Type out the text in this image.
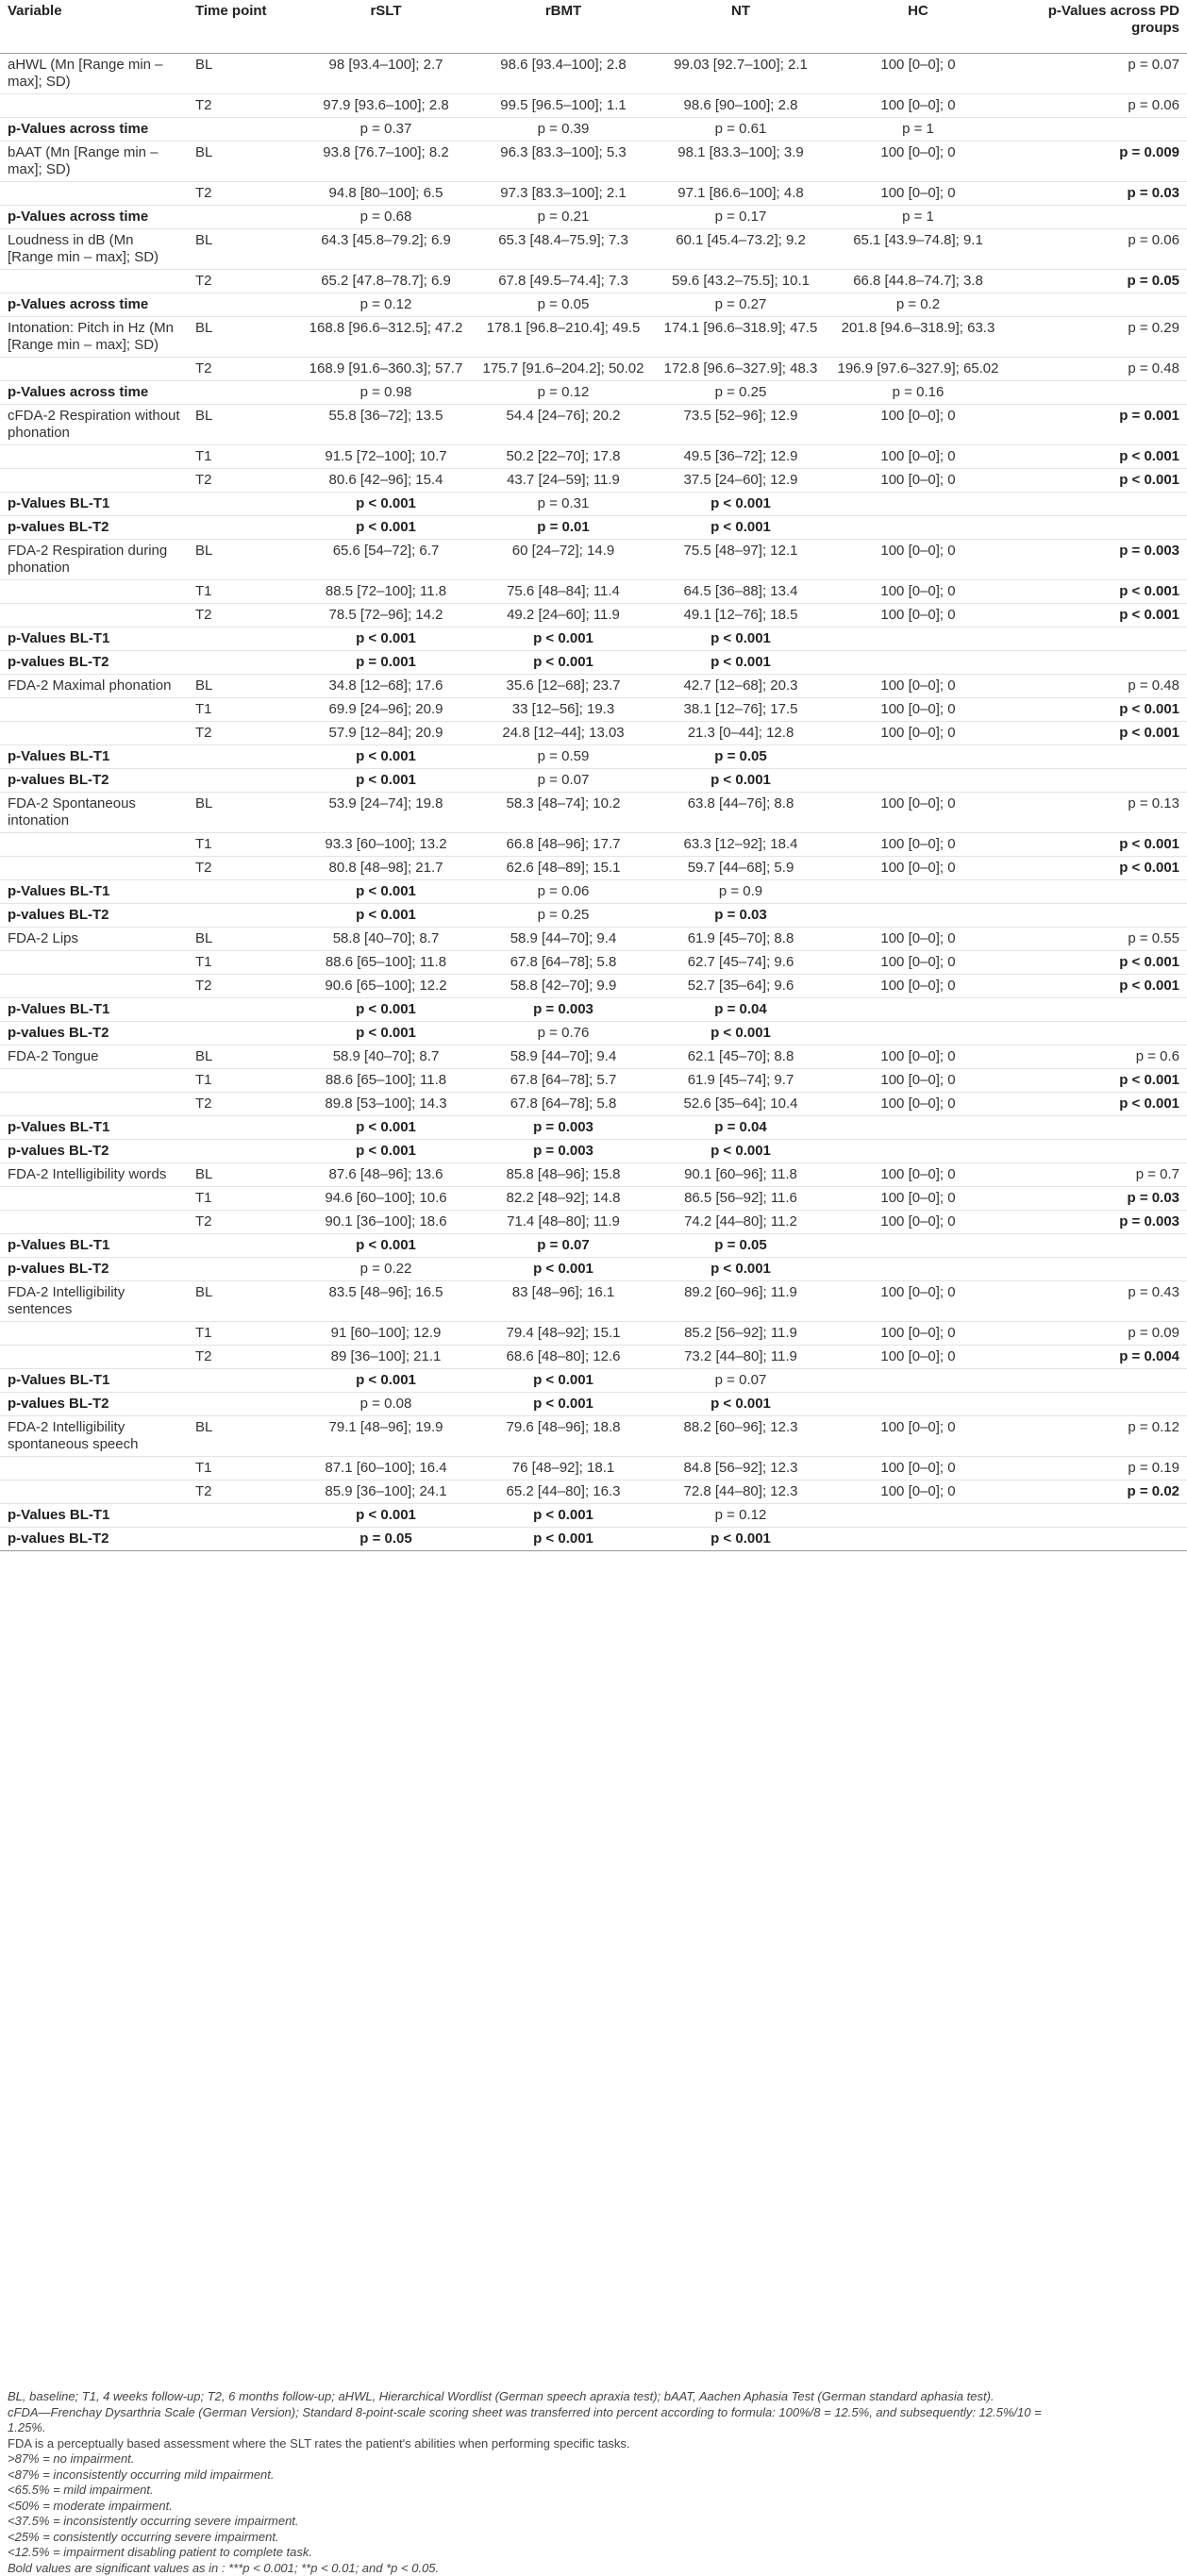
Variable	Time point	rSLT	rBMT	NT	HC	p-Values across PD groups
aHWL (Mn [Range min – max]; SD)	BL	98 [93.4–100]; 2.7	98.6 [93.4–100]; 2.8	99.03 [92.7–100]; 2.1	100 [0–0]; 0	p = 0.07
	T2	97.9 [93.6–100]; 2.8	99.5 [96.5–100]; 1.1	98.6 [90–100]; 2.8	100 [0–0]; 0	p = 0.06
p-Values across time		p = 0.37	p = 0.39	p = 0.61	p = 1	
bAAT (Mn [Range min – max]; SD)	BL	93.8 [76.7–100]; 8.2	96.3 [83.3–100]; 5.3	98.1 [83.3–100]; 3.9	100 [0–0]; 0	p = 0.009
	T2	94.8 [80–100]; 6.5	97.3 [83.3–100]; 2.1	97.1 [86.6–100]; 4.8	100 [0–0]; 0	p = 0.03
p-Values across time		p = 0.68	p = 0.21	p = 0.17	p = 1	
Loudness in dB (Mn [Range min – max]; SD)	BL	64.3 [45.8–79.2]; 6.9	65.3 [48.4–75.9]; 7.3	60.1 [45.4–73.2]; 9.2	65.1 [43.9–74.8]; 9.1	p = 0.06
	T2	65.2 [47.8–78.7]; 6.9	67.8 [49.5–74.4]; 7.3	59.6 [43.2–75.5]; 10.1	66.8 [44.8–74.7]; 3.8	p = 0.05
p-Values across time		p = 0.12	p = 0.05	p = 0.27	p = 0.2	
Intonation: Pitch in Hz (Mn [Range min – max]; SD)	BL	168.8 [96.6–312.5]; 47.2	178.1 [96.8–210.4]; 49.5	174.1 [96.6–318.9]; 47.5	201.8 [94.6–318.9]; 63.3	p = 0.29
	T2	168.9 [91.6–360.3]; 57.7	175.7 [91.6–204.2]; 50.02	172.8 [96.6–327.9]; 48.3	196.9 [97.6–327.9]; 65.02	p = 0.48
p-Values across time		p = 0.98	p = 0.12	p = 0.25	p = 0.16	
cFDA-2 Respiration without phonation	BL	55.8 [36–72]; 13.5	54.4 [24–76]; 20.2	73.5 [52–96]; 12.9	100 [0–0]; 0	p = 0.001
	T1	91.5 [72–100]; 10.7	50.2 [22–70]; 17.8	49.5 [36–72]; 12.9	100 [0–0]; 0	p < 0.001
	T2	80.6 [42–96]; 15.4	43.7 [24–59]; 11.9	37.5 [24–60]; 12.9	100 [0–0]; 0	p < 0.001
p-Values BL-T1		p < 0.001	p = 0.31	p < 0.001		
p-values BL-T2		p < 0.001	p = 0.01	p < 0.001		
FDA-2 Respiration during phonation	BL	65.6 [54–72]; 6.7	60 [24–72]; 14.9	75.5 [48–97]; 12.1	100 [0–0]; 0	p = 0.003
	T1	88.5 [72–100]; 11.8	75.6 [48–84]; 11.4	64.5 [36–88]; 13.4	100 [0–0]; 0	p < 0.001
	T2	78.5 [72–96]; 14.2	49.2 [24–60]; 11.9	49.1 [12–76]; 18.5	100 [0–0]; 0	p < 0.001
p-Values BL-T1		p < 0.001	p < 0.001	p < 0.001		
p-values BL-T2		p = 0.001	p < 0.001	p < 0.001		
FDA-2 Maximal phonation	BL	34.8 [12–68]; 17.6	35.6 [12–68]; 23.7	42.7 [12–68]; 20.3	100 [0–0]; 0	p = 0.48
	T1	69.9 [24–96]; 20.9	33 [12–56]; 19.3	38.1 [12–76]; 17.5	100 [0–0]; 0	p < 0.001
	T2	57.9 [12–84]; 20.9	24.8 [12–44]; 13.03	21.3 [0–44]; 12.8	100 [0–0]; 0	p < 0.001
p-Values BL-T1		p < 0.001	p = 0.59	p = 0.05		
p-values BL-T2		p < 0.001	p = 0.07	p < 0.001		
FDA-2 Spontaneous intonation	BL	53.9 [24–74]; 19.8	58.3 [48–74]; 10.2	63.8 [44–76]; 8.8	100 [0–0]; 0	p = 0.13
	T1	93.3 [60–100]; 13.2	66.8 [48–96]; 17.7	63.3 [12–92]; 18.4	100 [0–0]; 0	p < 0.001
	T2	80.8 [48–98]; 21.7	62.6 [48–89]; 15.1	59.7 [44–68]; 5.9	100 [0–0]; 0	p < 0.001
p-Values BL-T1		p < 0.001	p = 0.06	p = 0.9		
p-values BL-T2		p < 0.001	p = 0.25	p = 0.03		
FDA-2 Lips	BL	58.8 [40–70]; 8.7	58.9 [44–70]; 9.4	61.9 [45–70]; 8.8	100 [0–0]; 0	p = 0.55
	T1	88.6 [65–100]; 11.8	67.8 [64–78]; 5.8	62.7 [45–74]; 9.6	100 [0–0]; 0	p < 0.001
	T2	90.6 [65–100]; 12.2	58.8 [42–70]; 9.9	52.7 [35–64]; 9.6	100 [0–0]; 0	p < 0.001
p-Values BL-T1		p < 0.001	p = 0.003	p = 0.04		
p-values BL-T2		p < 0.001	p = 0.76	p < 0.001		
FDA-2 Tongue	BL	58.9 [40–70]; 8.7	58.9 [44–70]; 9.4	62.1 [45–70]; 8.8	100 [0–0]; 0	p = 0.6
	T1	88.6 [65–100]; 11.8	67.8 [64–78]; 5.7	61.9 [45–74]; 9.7	100 [0–0]; 0	p < 0.001
	T2	89.8 [53–100]; 14.3	67.8 [64–78]; 5.8	52.6 [35–64]; 10.4	100 [0–0]; 0	p < 0.001
p-Values BL-T1		p < 0.001	p = 0.003	p = 0.04		
p-values BL-T2		p < 0.001	p = 0.003	p < 0.001		
FDA-2 Intelligibility words	BL	87.6 [48–96]; 13.6	85.8 [48–96]; 15.8	90.1 [60–96]; 11.8	100 [0–0]; 0	p = 0.7
	T1	94.6 [60–100]; 10.6	82.2 [48–92]; 14.8	86.5 [56–92]; 11.6	100 [0–0]; 0	p = 0.03
	T2	90.1 [36–100]; 18.6	71.4 [48–80]; 11.9	74.2 [44–80]; 11.2	100 [0–0]; 0	p = 0.003
p-Values BL-T1		p < 0.001	p = 0.07	p = 0.05		
p-values BL-T2		p = 0.22	p < 0.001	p < 0.001		
FDA-2 Intelligibility sentences	BL	83.5 [48–96]; 16.5	83 [48–96]; 16.1	89.2 [60–96]; 11.9	100 [0–0]; 0	p = 0.43
	T1	91 [60–100]; 12.9	79.4 [48–92]; 15.1	85.2 [56–92]; 11.9	100 [0–0]; 0	p = 0.09
	T2	89 [36–100]; 21.1	68.6 [48–80]; 12.6	73.2 [44–80]; 11.9	100 [0–0]; 0	p = 0.004
p-Values BL-T1		p < 0.001	p < 0.001	p = 0.07		
p-values BL-T2		p = 0.08	p < 0.001	p < 0.001		
FDA-2 Intelligibility spontaneous speech	BL	79.1 [48–96]; 19.9	79.6 [48–96]; 18.8	88.2 [60–96]; 12.3	100 [0–0]; 0	p = 0.12
	T1	87.1 [60–100]; 16.4	76 [48–92]; 18.1	84.8 [56–92]; 12.3	100 [0–0]; 0	p = 0.19
	T2	85.9 [36–100]; 24.1	65.2 [44–80]; 16.3	72.8 [44–80]; 12.3	100 [0–0]; 0	p = 0.02
p-Values BL-T1		p < 0.001	p < 0.001	p = 0.12		
p-values BL-T2		p = 0.05	p < 0.001	p < 0.001		
BL, baseline; T1, 4 weeks follow-up; T2, 6 months follow-up; aHWL, Hierarchical Wordlist (German speech apraxia test); bAAT, Aachen Aphasia Test (German standard aphasia test).
cFDA—Frenchay Dysarthria Scale (German Version); Standard 8-point-scale scoring sheet was transferred into percent according to formula: 100%/8 = 12.5%, and subsequently: 12.5%/10 = 1.25%.
FDA is a perceptually based assessment where the SLT rates the patient's abilities when performing specific tasks.
>87% = no impairment.
<87% = inconsistently occurring mild impairment.
<65.5% = mild impairment.
<50% = moderate impairment.
<37.5% = inconsistently occurring severe impairment.
<25% = consistently occurring severe impairment.
<12.5% = impairment disabling patient to complete task.
Bold values are significant values as in : ***p < 0.001; **p < 0.01; and *p < 0.05.
